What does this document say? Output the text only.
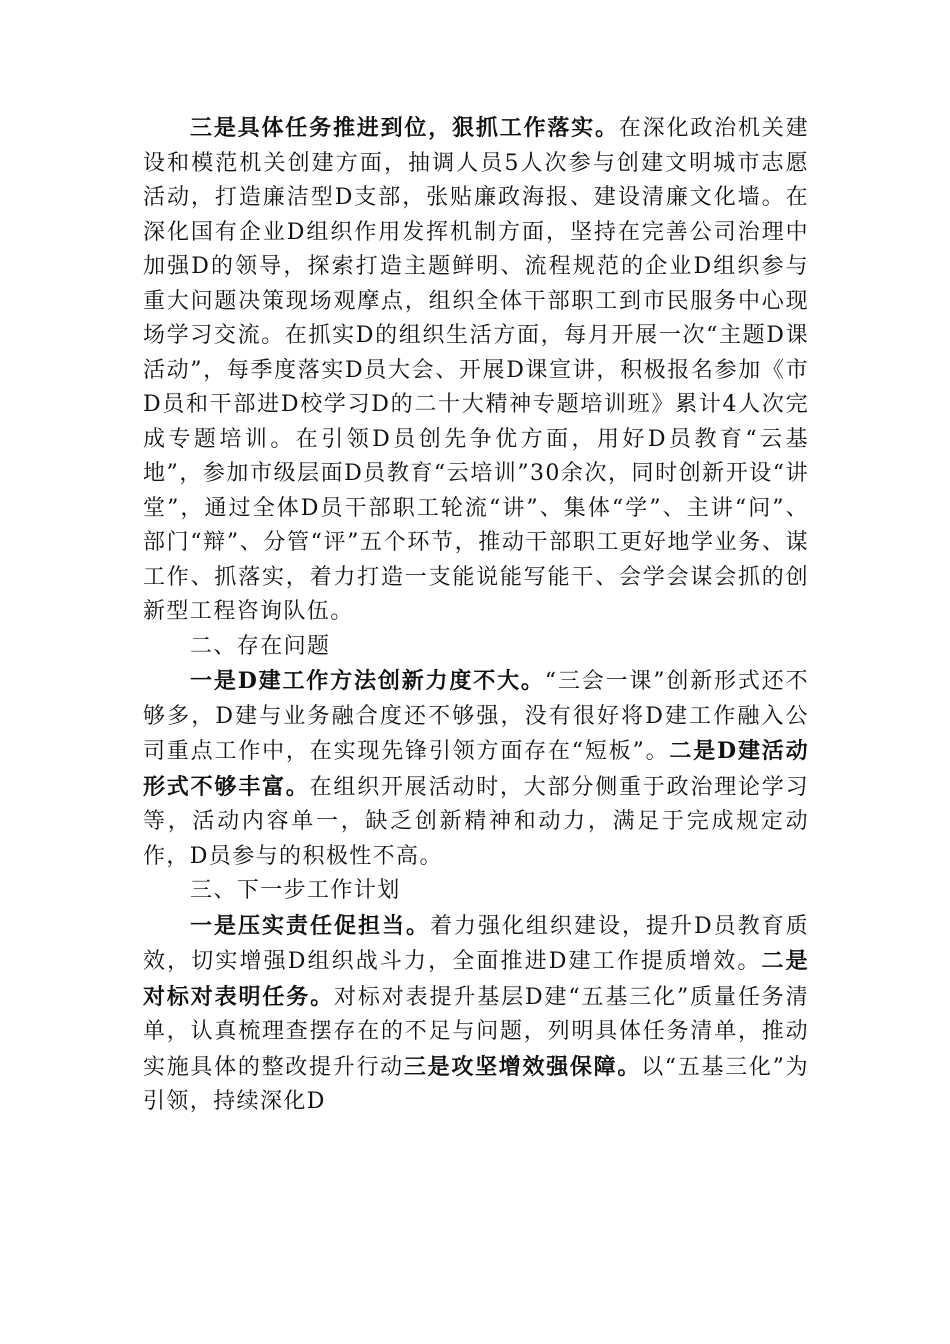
三是具体任务推进到位，狠抓工作落实。在深化政治机关建设和模范机关创建方面，抽调人员5人次参与创建文明城市志愿活动，打造廉洁型D支部，张贴廉政海报、建设清廉文化墙。在深化国有企业D组织作用发挥机制方面，坚持在完善公司治理中加强D的领导，探索打造主题鲜明、流程规范的企业D组织参与重大问题决策现场观摩点，组织全体干部职工到市民服务中心现场学习交流。在抓实D的组织生活方面，每月开展一次“主题D课活动”，每季度落实D员大会、开展D课宣讲，积极报名参加《市D员和干部进D校学习D的二十大精神专题培训班》累计4人次完成专题培训。在引领D员创先争优方面，用好D员教育“云基地”，参加市级层面D员教育“云培训”30余次，同时创新开设“讲堂”，通过全体D员干部职工轮流“讲”、集体“学”、主讲“问”、部门“辩”、分管“评”五个环节，推动干部职工更好地学业务、谋工作、抓落实，着力打造一支能说能写能干、会学会谋会抓的创新型工程咨询队伍。

二、存在问题

一是D建工作方法创新力度不大。“三会一课”创新形式还不够多，D建与业务融合度还不够强，没有很好将D建工作融入公司重点工作中，在实现先锋引领方面存在“短板”。二是D建活动形式不够丰富。在组织开展活动时，大部分侧重于政治理论学习等，活动内容单一，缺乏创新精神和动力，满足于完成规定动作，D员参与的积极性不高。

三、下一步工作计划

一是压实责任促担当。着力强化组织建设，提升D员教育质效，切实增强D组织战斗力，全面推进D建工作提质增效。二是对标对表明任务。对标对表提升基层D建“五基三化”质量任务清单，认真梳理查摆存在的不足与问题，列明具体任务清单，推动实施具体的整改提升行动三是攻坚增效强保障。以“五基三化”为引领，持续深化D
